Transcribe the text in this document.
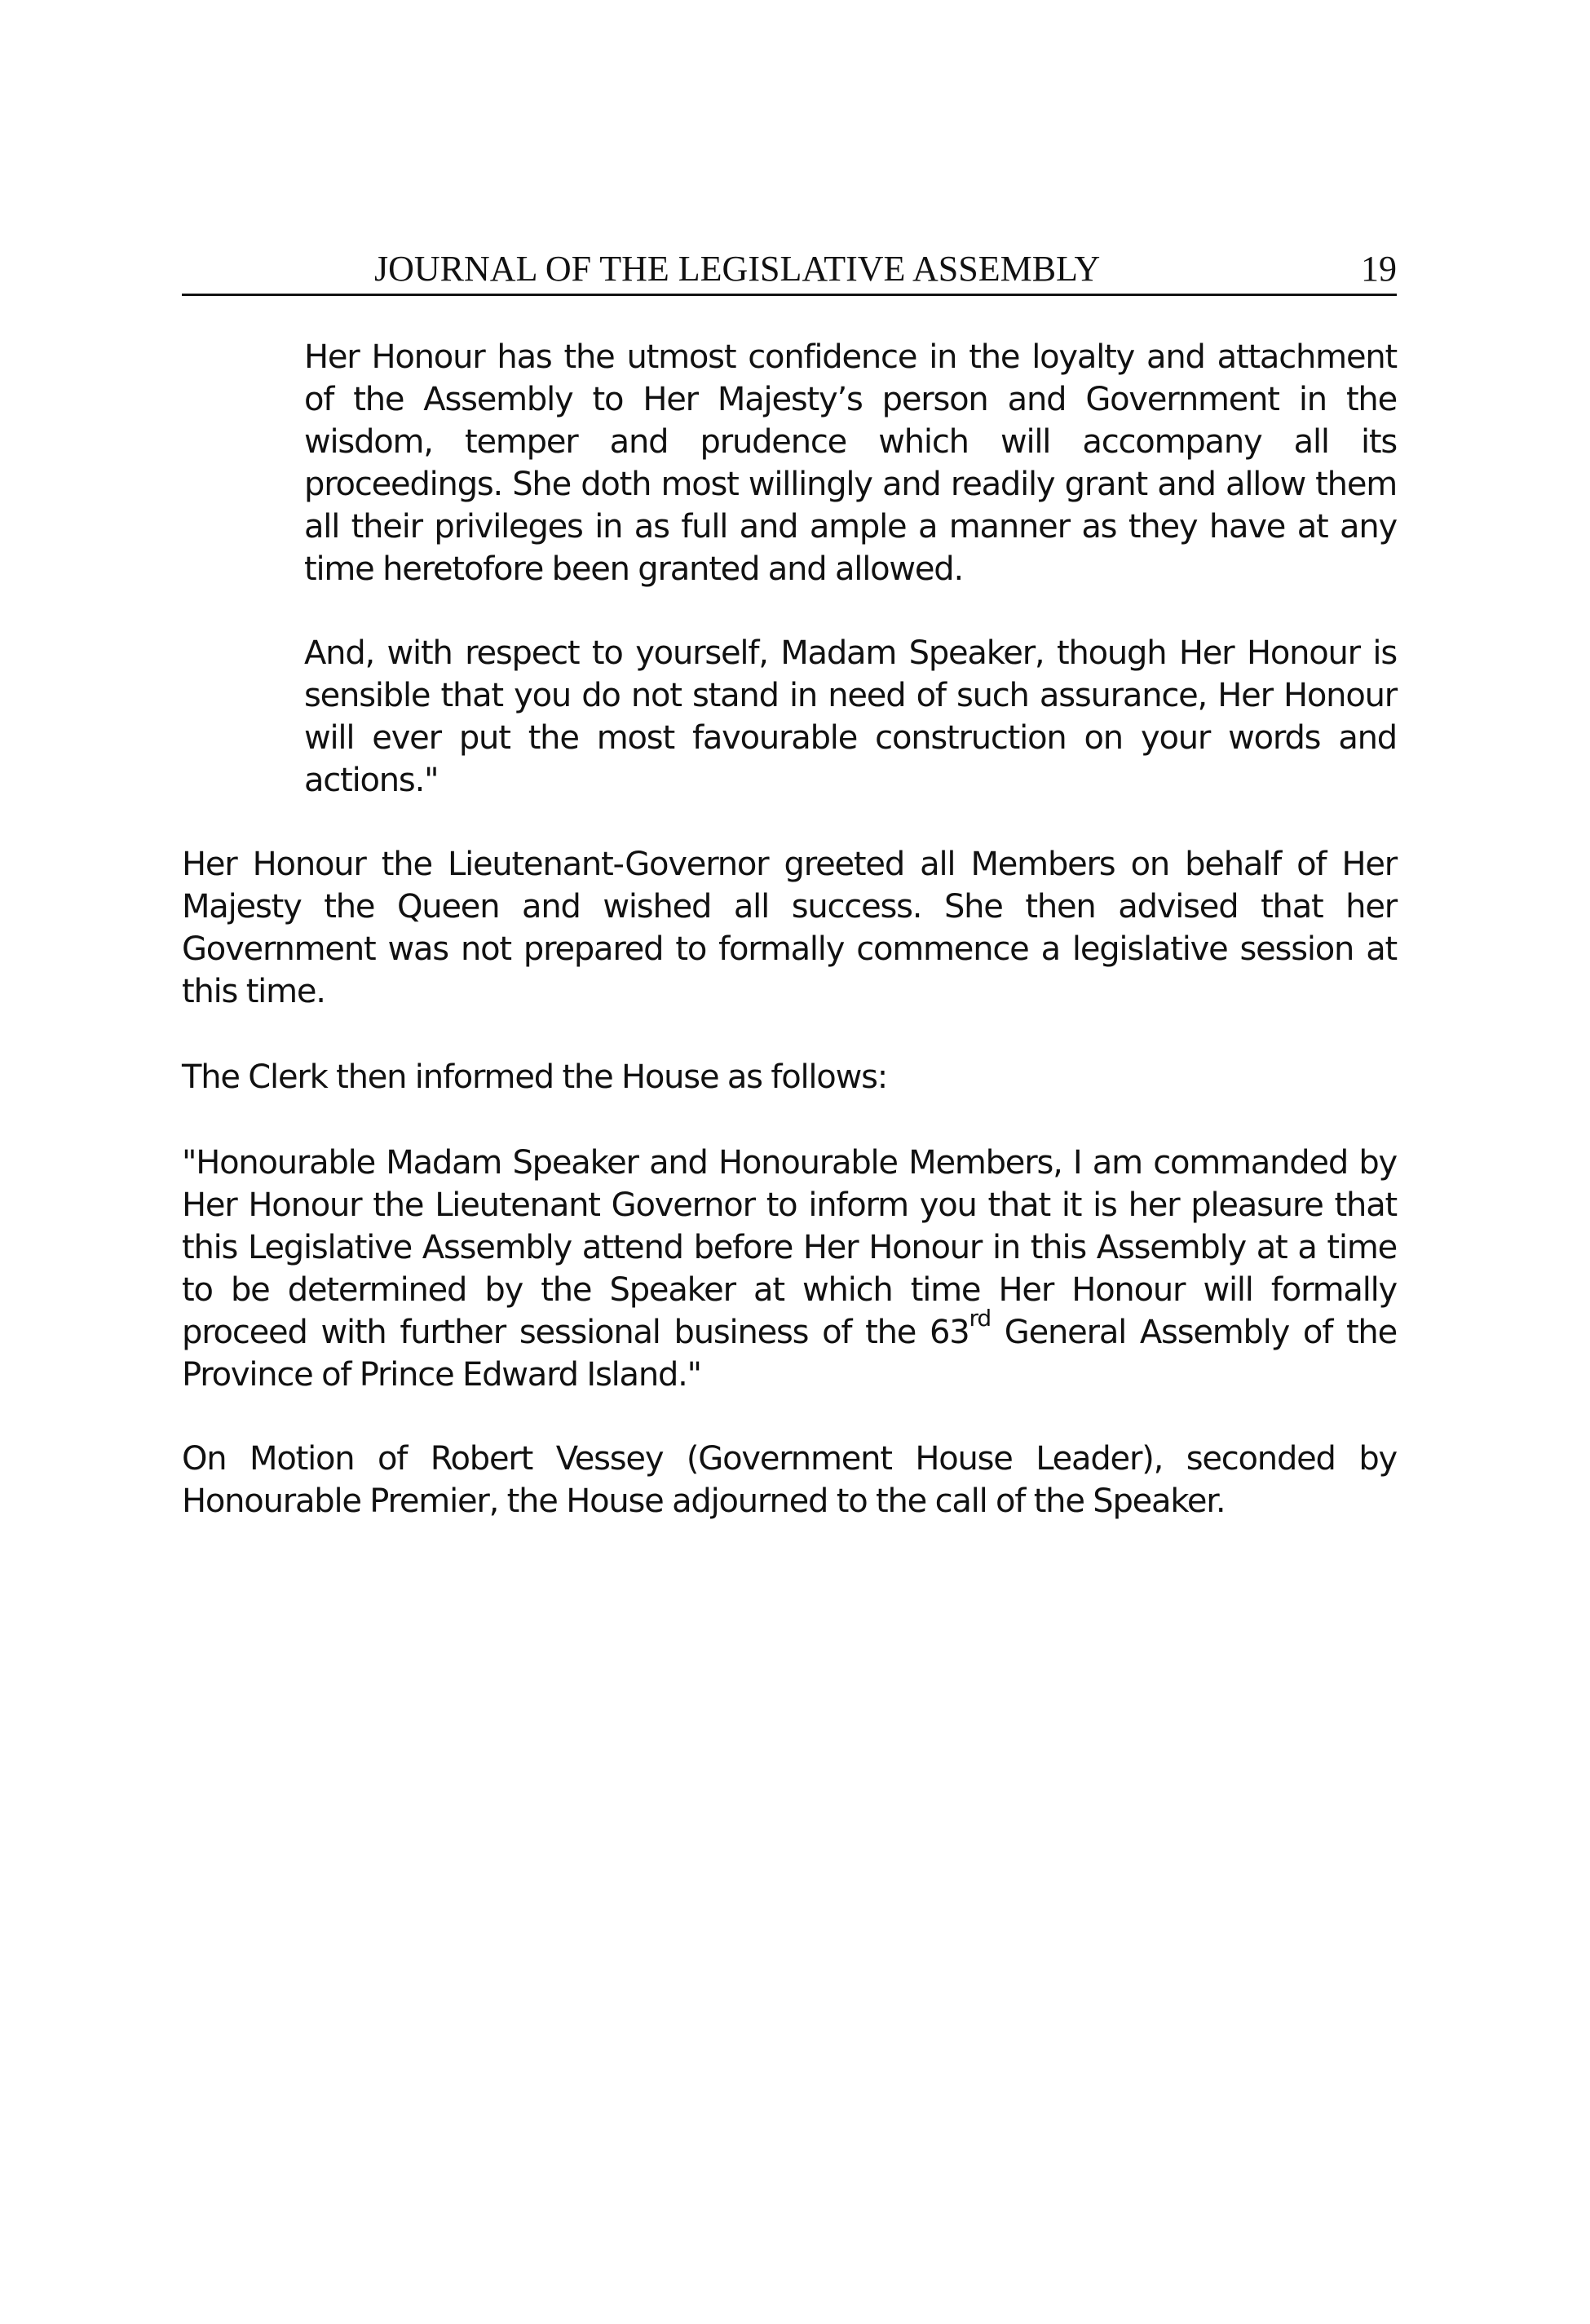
JOURNAL OF THE LEGISLATIVE ASSEMBLY	19

Her Honour has the utmost confidence in the loyalty and attachment of the Assembly to Her Majesty’s person and Government in the wisdom, temper and prudence which will accompany all its proceedings. She doth most willingly and readily grant and allow them all their privileges in as full and ample a manner as they have at any time heretofore been granted and allowed.

And, with respect to yourself, Madam Speaker, though Her Honour is sensible that you do not stand in need of such assurance, Her Honour will ever put the most favourable construction on your words and actions."

Her Honour the Lieutenant-Governor greeted all Members on behalf of Her Majesty the Queen and wished all success. She then advised that her Government was not prepared to formally commence a legislative session at this time.

The Clerk then informed the House as follows:

"Honourable Madam Speaker and Honourable Members, I am commanded by Her Honour the Lieutenant Governor to inform you that it is her pleasure that this Legislative Assembly attend before Her Honour in this Assembly at a time to be determined by the Speaker at which time Her Honour will formally proceed with further sessional business of the 63rd General Assembly of the Province of Prince Edward Island."

On Motion of Robert Vessey (Government House Leader), seconded by Honourable Premier, the House adjourned to the call of the Speaker.
